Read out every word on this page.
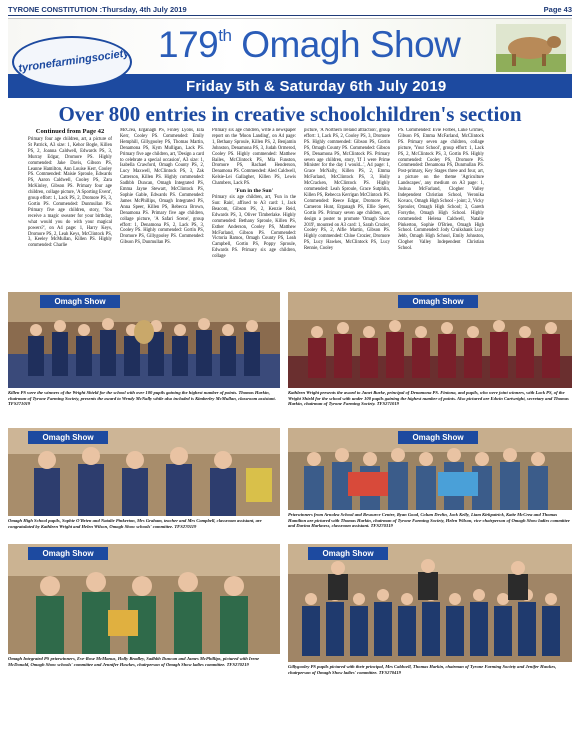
TYRONE CONSTITUTION :Thursday, 4th July 2019	Page 43
tyronefarmingsociety 179th Omagh Show
Friday 5th & Saturday 6th July 2019
Over 800 entries in creative schoolchildren's section
Continued from Page 42

Primary four age children, art, a picture of St Patrick, A3 size: 1, Kehor Bogle, Killen PS, 2, Joanna Caldwell, Edwards PS, 3, Murray Edgar, Dromore PS. Highly commended: Jake Davis, Gibson PS, Leanne Hamilton, Ann Louise Kerr, Cooley PS. Commended: Maisie Sproule, Edwards PS, Aaron Caldwell, Cooley PS, Zara McKinley, Gibson PS. Primary four age children, collage picture, 'A Sporting Event', group effort: 1, Lack PS, 2, Dromore PS, 3, Gortin PS. Commended: Dunmullan PS. Primary five age children, story, 'You receive a magic sweater for your birthday, what would you do with your magical powers?', on A4 page: 1, Harry Keys, Dromore PS, 2, Leah Keys, McClintock PS, 3, Keeley McMullan, Killen PS. Highly commended: Charlie

McCrea, Erganagh PS, Finley Lyons, Ella Kerr, Cooley PS. Commended: Emily Hemphill, Gillygooley PS, Thomas Martin, Denamona PS, Kym Mulligan, Lack PS. Primary five age children, art, 'Design a card to celebrate a special occasion', A3 size: 1, Isabella Crawford, Omagh County PS, 2, Lucy Maxwell, McClintock PS, 3, Zak Catterson, Killen PS. Highly commended: Sadhbh Duncan, Omagh Integrated PS, Emma Jayne Stewart, McClintock PS, Sophie Gable, Edwards PS. Commended: James McPhillips, Omagh Integrated PS, Anna Speer, Killen PS, Rebecca Brown, Denamona PS. Primary five age children, collage picture, 'A Safari Scene', group effort: 1, Denamona PS, 2, Lack PS, 3, Cooley PS. Highly commended: Gortin PS, Dromore PS, Gillygooley PS. Commended: Gibson PS, Dunmullan PS.

Primary six age children, write a newspaper report on the 'Moon Landing', on A4 page: 1, Bethany Sproule, Killen PS, 2, Benjamin Johnston, Denamona PS, 3, Judah Ormerod, Cooley PS. Highly commended: Matthew Bailes, McClintock PS, Mia Funston, Dromore PS, Rachael Henderson, Denamona PS. Commended: Aled Caldwell, Kelsie-Lei Gallagher, Killen PS, Lewis Chambers, Lack PS.

'Fun in the Sun'

Primary six age children, art, 'Fun in the Sun: Rain', affixed to A3 card: 1, Jack Beacom, Gibson PS, 2, Kenzie Reid, Edwards PS, 3, Oliver Timberlake. Highly commended: Bethany Sproule, Killen PS, Esther Anderson, Cooley PS, Matthew McFarland, Gibson PS. Commended: Victoria Ramos, Omagh County PS, Leah Campbell, Gortin PS, Poppy Sproule, Edwards PS. Primary six age children, collage

picture, 'A Northern Ireland attraction', group effort: 1, Lack PS, 2, Cooley PS, 3, Dromore PS. Highly commended: Gibson PS, Gortin PS, Omagh County PS. Commended: Gibson PS, Denamona PS, McClintock PS. Primary seven age children, story, 'If I were Prime Minister for the day I would...', A4 page: 1, Grace McNally, Killen PS, 2, Emma McFarland, McClintock PS, 3, Holly McCracken, McClintock PS. Highly commended: Leah Sproule, Grace Sutphlin, Killen PS, Rebecca Kerrigan McClintock PS. Commended: Reece Edgar, Dromore PS, Cameron Hunt, Erganagh PS, Ellie Speer, Gortin PS. Primary seven age children, art, design a poster to promote 'Omagh Show 2019', mounted on A3 card: 1, Sarah Crozier, Cooley PS, 2, Alfie Martin, Gibson PS. Highly commended: Chloe Crozier, Dromore PS, Lucy Hawkes, McClintock PS, Lucy Rennie, Cooley

PS. Commended: Evie Forbes, Luke Grimes, Gibson PS, Emma McFarland, McClintock PS. Primary seven age children, collage picture, 'Your School', group effort: 1, Lack PS, 2, McClintock PS, 3, Gortin PS. Highly commended: Cooley PS, Dromore PS. Commended: Denamona PS, Dunmullan PS. Post-primary, Key Stages three and four, art, a picture on the theme 'Agriculture Landscapes', any medium on A3 page: 1, Joshua McFarland, Clogher Valley Independent Christian School, Veronika Kovacs, Omagh High School - joint; 2, Vicky Sprouler, Omagh High School; 3, Gareth Forsythe, Omagh High School. Highly commended: Helena Caldwell, Natalie Pinkerton, Sophie O'Brien, Omagh High School. Commended: Jody Cruikshank Lucy Jebb, Omagh High School, Emily Johnston, Clogher Valley Independent Christian School.

Omagh Show
Killen PS were the winners of the Wright Shield for the school with over 100 pupils gaining the highest number of points. Thomas Harkin, chairman of Tyrone Farming Society, presents the award to Wendy McNally while also included is Kimberley McMullan, classroom assistant. TFS271019
Omagh Show
Kathleen Wright presents the award to Janet Burke, principal of Denamona PS. Fintona, and pupils, who were joint winners, with Lack PS, of the Wright Shield for the school with under 100 pupils gaining the highest number of points. Also pictured are Edwin Cartwright, secretary and Thomas Harkin, chairman of Tyrone Farming Society. TFS271019
Omagh Show
Omagh High School pupils, Sophie O'Brien and Natalie Pinkerton, Mrs Graham, teacher and Mrs Campbell, classroom assistant, are congratulated by Kathleen Wright and Helen Wilson, Omagh Show schools' committee. TFS270119
Omagh Show
Prizewinners from Arnolea School and Resource Centre, Ryan Good, Colum Devlin, Jack Kelly, Liam Kirkpatrick, Katie McCrea and Thomas Hamilton are pictured with Thomas Harkin, chairman of Tyrone Farming Society, Helen Wilson, vice-chairperson of Omagh Show ladies committee and Davina Harkness, classroom assistant. TFS270319
Omagh Show
Omagh Integrated PS prizewinners, Eve-Rose McManus, Holly Bradley, Sadhbh Duncan and James McPhillips, pictured with Irene McDonald, Omagh Show schools' committee and Jennifer Hawkes, chairperson of Omagh Show ladies committee. TFS270219
Omagh Show
Gillygooley PS pupils pictured with their principal, Mrs Caldwell, Thomas Harkin, chairman of Tyrone Farming Society and Jenifer Hawkes, chairperson of Omagh Show ladies' committee. TFS270419
